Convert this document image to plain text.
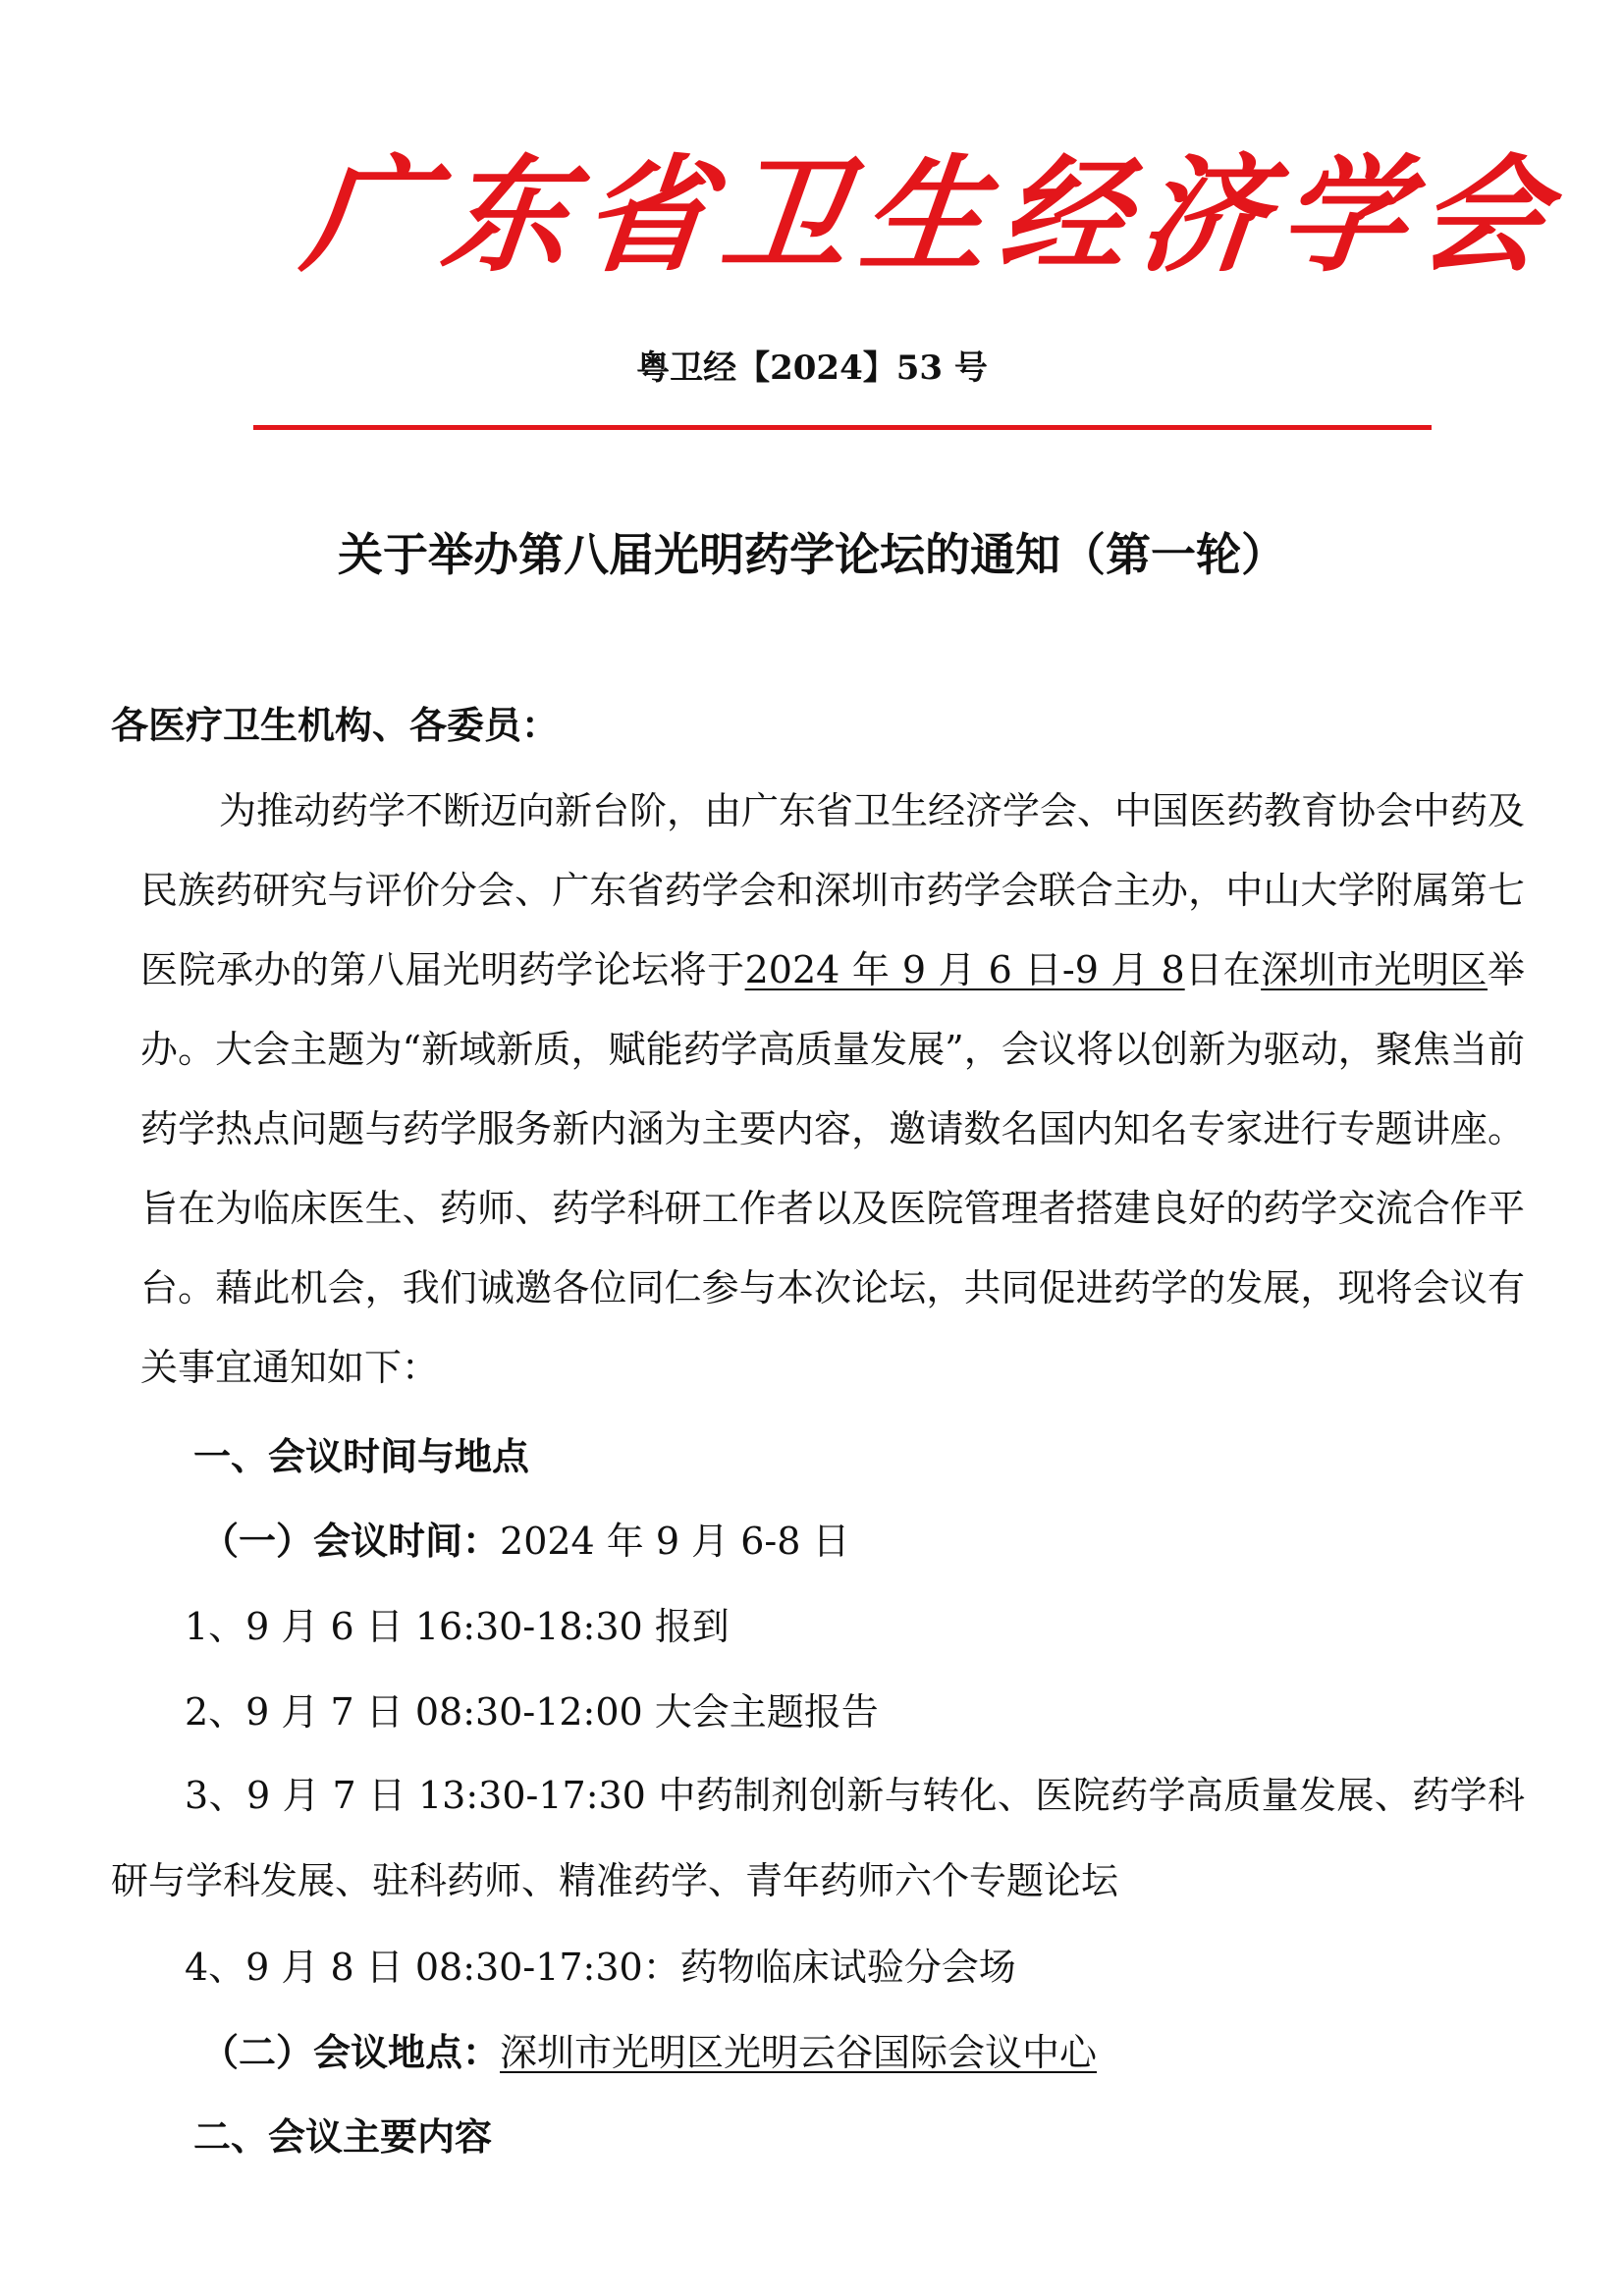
广东省卫生经济学会
粤卫经【2024】53 号
关于举办第八届光明药学论坛的通知（第一轮）
各医疗卫生机构、各委员：
为推动药学不断迈向新台阶，由广东省卫生经济学会、中国医药教育协会中药及民族药研究与评价分会、广东省药学会和深圳市药学会联合主办，中山大学附属第七医院承办的第八届光明药学论坛将于2024 年 9 月 6 日-9 月 8日在深圳市光明区举办。大会主题为“新域新质，赋能药学高质量发展”，会议将以创新为驱动，聚焦当前药学热点问题与药学服务新内涵为主要内容，邀请数名国内知名专家进行专题讲座。旨在为临床医生、药师、药学科研工作者以及医院管理者搭建良好的药学交流合作平台。藉此机会，我们诚邀各位同仁参与本次论坛，共同促进药学的发展，现将会议有关事宜通知如下：
一、会议时间与地点
（一）会议时间：2024 年 9 月 6-8 日
1、9 月 6 日 16:30-18:30 报到
2、9 月 7 日 08:30-12:00 大会主题报告
3、9 月 7 日 13:30-17:30 中药制剂创新与转化、医院药学高质量发展、药学科研与学科发展、驻科药师、精准药学、青年药师六个专题论坛
4、9 月 8 日 08:30-17:30：药物临床试验分会场
（二）会议地点：深圳市光明区光明云谷国际会议中心
二、会议主要内容
